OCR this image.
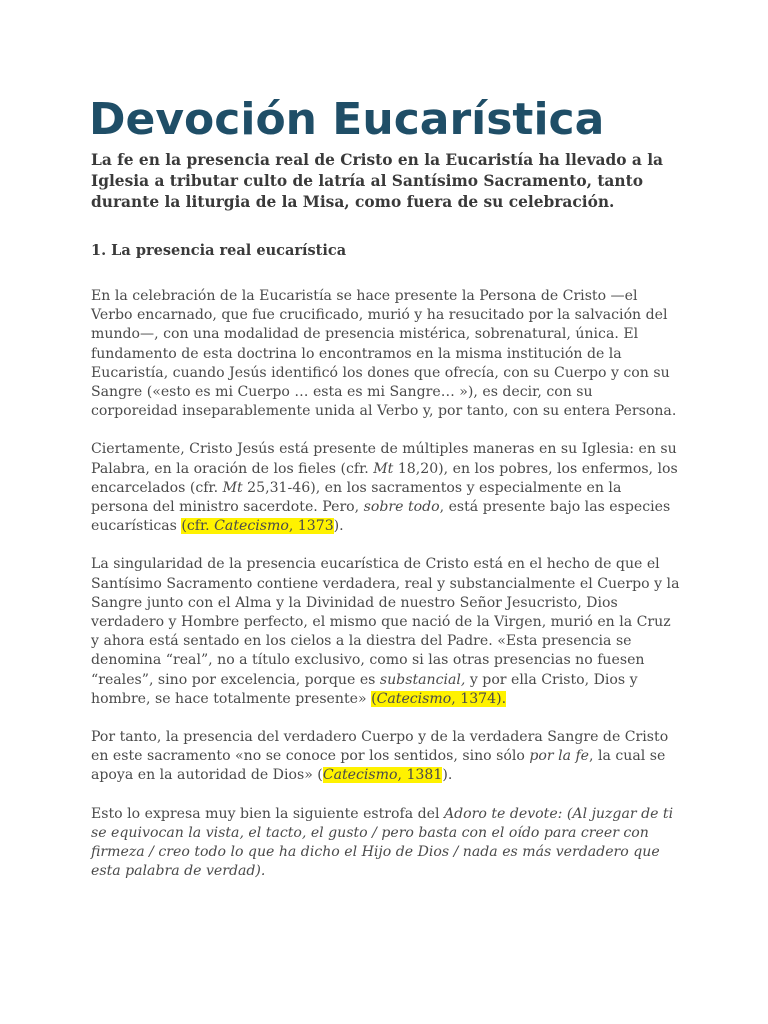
Devoción Eucarística

La fe en la presencia real de Cristo en la Eucaristía ha llevado a la Iglesia a tributar culto de latría al Santísimo Sacramento, tanto durante la liturgia de la Misa, como fuera de su celebración.

1. La presencia real eucarística

En la celebración de la Eucaristía se hace presente la Persona de Cristo —el Verbo encarnado, que fue crucificado, murió y ha resucitado por la salvación del mundo—, con una modalidad de presencia mistérica, sobrenatural, única. El fundamento de esta doctrina lo encontramos en la misma institución de la Eucaristía, cuando Jesús identificó los dones que ofrecía, con su Cuerpo y con su Sangre («esto es mi Cuerpo … esta es mi Sangre… »), es decir, con su corporeidad inseparablemente unida al Verbo y, por tanto, con su entera Persona.

Ciertamente, Cristo Jesús está presente de múltiples maneras en su Iglesia: en su Palabra, en la oración de los fieles (cfr. Mt 18,20), en los pobres, los enfermos, los encarcelados (cfr. Mt 25,31-46), en los sacramentos y especialmente en la persona del ministro sacerdote. Pero, sobre todo, está presente bajo las especies eucarísticas (cfr. Catecismo, 1373).

La singularidad de la presencia eucarística de Cristo está en el hecho de que el Santísimo Sacramento contiene verdadera, real y substancialmente el Cuerpo y la Sangre junto con el Alma y la Divinidad de nuestro Señor Jesucristo, Dios verdadero y Hombre perfecto, el mismo que nació de la Virgen, murió en la Cruz y ahora está sentado en los cielos a la diestra del Padre. «Esta presencia se denomina “real”, no a título exclusivo, como si las otras presencias no fuesen “reales”, sino por excelencia, porque es substancial, y por ella Cristo, Dios y hombre, se hace totalmente presente» (Catecismo, 1374).

Por tanto, la presencia del verdadero Cuerpo y de la verdadera Sangre de Cristo en este sacramento «no se conoce por los sentidos, sino sólo por la fe, la cual se apoya en la autoridad de Dios» (Catecismo, 1381).

Esto lo expresa muy bien la siguiente estrofa del Adoro te devote: (Al juzgar de ti se equivocan la vista, el tacto, el gusto / pero basta con el oído para creer con firmeza / creo todo lo que ha dicho el Hijo de Dios / nada es más verdadero que esta palabra de verdad).
